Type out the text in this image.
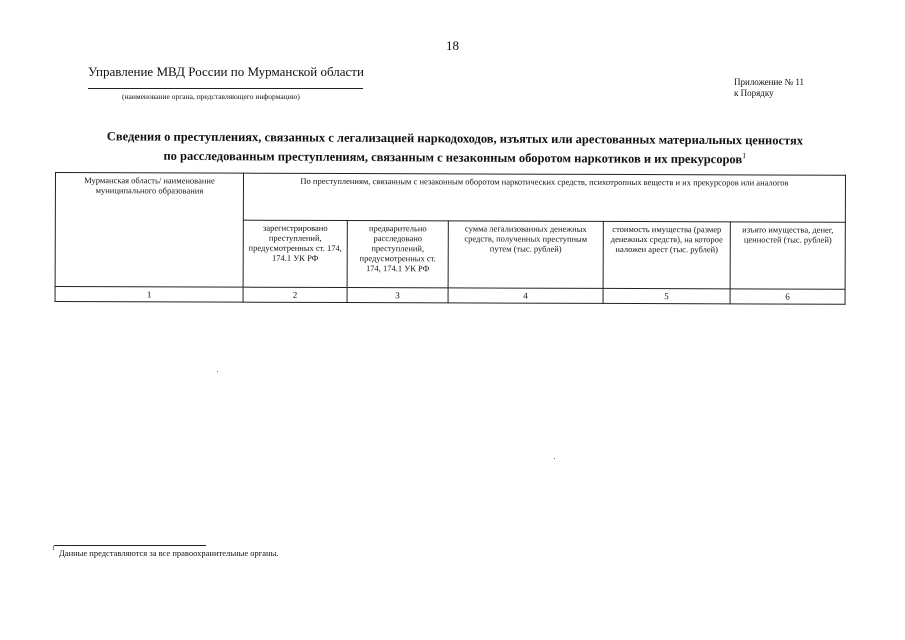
18
Управление МВД России по Мурманской области
(наименование органа, представляющего информацию)
Приложение № 11
к Порядку
Сведения о преступлениях, связанных с легализацией наркодоходов, изъятых или арестованных материальных ценностях
по расследованным преступлениям, связанным с незаконным оборотом наркотиков и их прекурсоров$^1$
Мурманская область/ наименование муниципального образования	По преступлениям, связанным с незаконным оборотом наркотических средств, психотропных веществ и их прекурсоров или аналогов				
	зарегистрировано преступлений, предусмотренных ст. 174, 174.1 УК РФ	предварительно расследовано преступлений, предусмотренных ст. 174, 174.1 УК РФ	сумма легализованных денежных средств, полученных преступным путем (тыс. рублей)	стоимость имущества (размер денежных средств), на которое наложен арест (тыс. рублей)	изъято имущества, денег, ценностей (тыс. рублей)
1	2	3	4	5	6
$^1$ Данные представляются за все правоохранительные органы.
